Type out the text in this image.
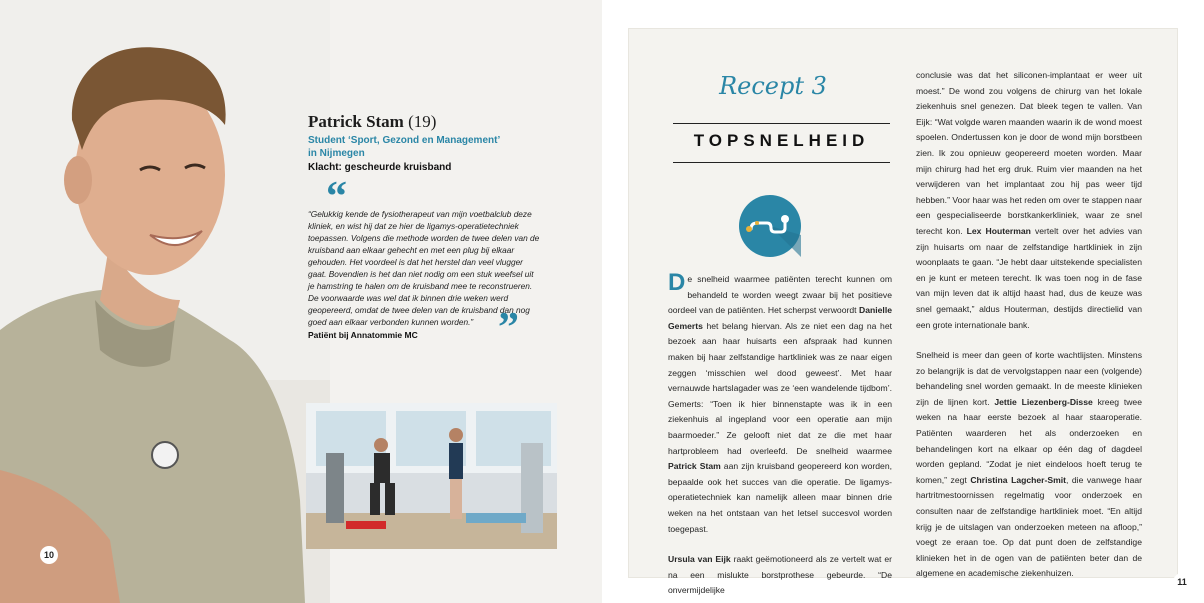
Patrick Stam (19)
Student ‘Sport, Gezond en Management’
in Nijmegen
Klacht: gescheurde kruisband
“
“Gelukkig kende de fysiotherapeut van mijn voetbalclub deze kliniek, en wist hij dat ze hier de ligamys-operatietechniek toepassen. Volgens die methode worden de twee delen van de kruisband aan elkaar gehecht en met een plug bij elkaar gehouden. Het voordeel is dat het herstel dan veel vlugger gaat. Bovendien is het dan niet nodig om een stuk weefsel uit je hamstring te halen om de kruisband mee te reconstrueren. De voorwaarde was wel dat ik binnen drie weken werd geopereerd, omdat de twee delen van de kruisband dan nog goed aan elkaar verbonden kunnen worden.” ”
Patiënt bij Annatommie MC
10
Recept 3
TOPSNELHEID

De snelheid waarmee patiënten terecht kunnen om behandeld te worden weegt zwaar bij het positieve oordeel van de patiënten. Het scherpst verwoordt Danielle Gemerts het belang hiervan. Als ze niet een dag na het bezoek aan haar huisarts een afspraak had kunnen maken bij haar zelfstandige hartkliniek was ze naar eigen zeggen ‘misschien wel dood geweest’. Met haar vernauwde hartslagader was ze ‘een wandelende tijdbom’. Gemerts: “Toen ik hier binnenstapte was ik in een ziekenhuis al ingepland voor een operatie aan mijn baarmoeder.” Ze gelooft niet dat ze die met haar hartprobleem had overleefd. De snelheid waarmee Patrick Stam aan zijn kruisband geopereerd kon worden, bepaalde ook het succes van die operatie. De ligamys-operatietechniek kan namelijk alleen maar binnen drie weken na het ontstaan van het letsel succesvol worden toegepast.

Ursula van Eijk raakt geëmotioneerd als ze vertelt wat er na een mislukte borstprothese gebeurde. “De onvermijdelijke

conclusie was dat het siliconen-implantaat er weer uit moest.” De wond zou volgens de chirurg van het lokale ziekenhuis snel genezen. Dat bleek tegen te vallen. Van Eijk: “Wat volgde waren maanden waarin ik de wond moest spoelen. Ondertussen kon je door de wond mijn borstbeen zien. Ik zou opnieuw geopereerd moeten worden. Maar mijn chirurg had het erg druk. Ruim vier maanden na het verwijderen van het implantaat zou hij pas weer tijd hebben.” Voor haar was het reden om over te stappen naar een gespecialiseerde borstkankerkliniek, waar ze snel terecht kon. Lex Houterman vertelt over het advies van zijn huisarts om naar de zelfstandige hartkliniek in zijn woonplaats te gaan. “Je hebt daar uitstekende specialisten en je kunt er meteen terecht. Ik was toen nog in de fase van mijn leven dat ik altijd haast had, dus de keuze was snel gemaakt,” aldus Houterman, destijds directielid van een grote internationale bank.

Snelheid is meer dan geen of korte wachtlijsten. Minstens zo belangrijk is dat de vervolgstappen naar een (volgende) behandeling snel worden gemaakt. In de meeste klinieken zijn de lijnen kort. Jettie Liezenberg-Disse kreeg twee weken na haar eerste bezoek al haar staaroperatie. Patiënten waarderen het als onderzoeken en behandelingen kort na elkaar op één dag of dagdeel worden gepland. “Zodat je niet eindeloos hoeft terug te komen,” zegt Christina Lagcher-Smit, die vanwege haar hartritmestoornissen regelmatig voor onderzoek en consulten naar de zelfstandige hartkliniek moet. “En altijd krijg je de uitslagen van onderzoeken meteen na afloop,” voegt ze eraan toe. Op dat punt doen de zelfstandige klinieken het in de ogen van de patiënten beter dan de algemene en academische ziekenhuizen.

11
